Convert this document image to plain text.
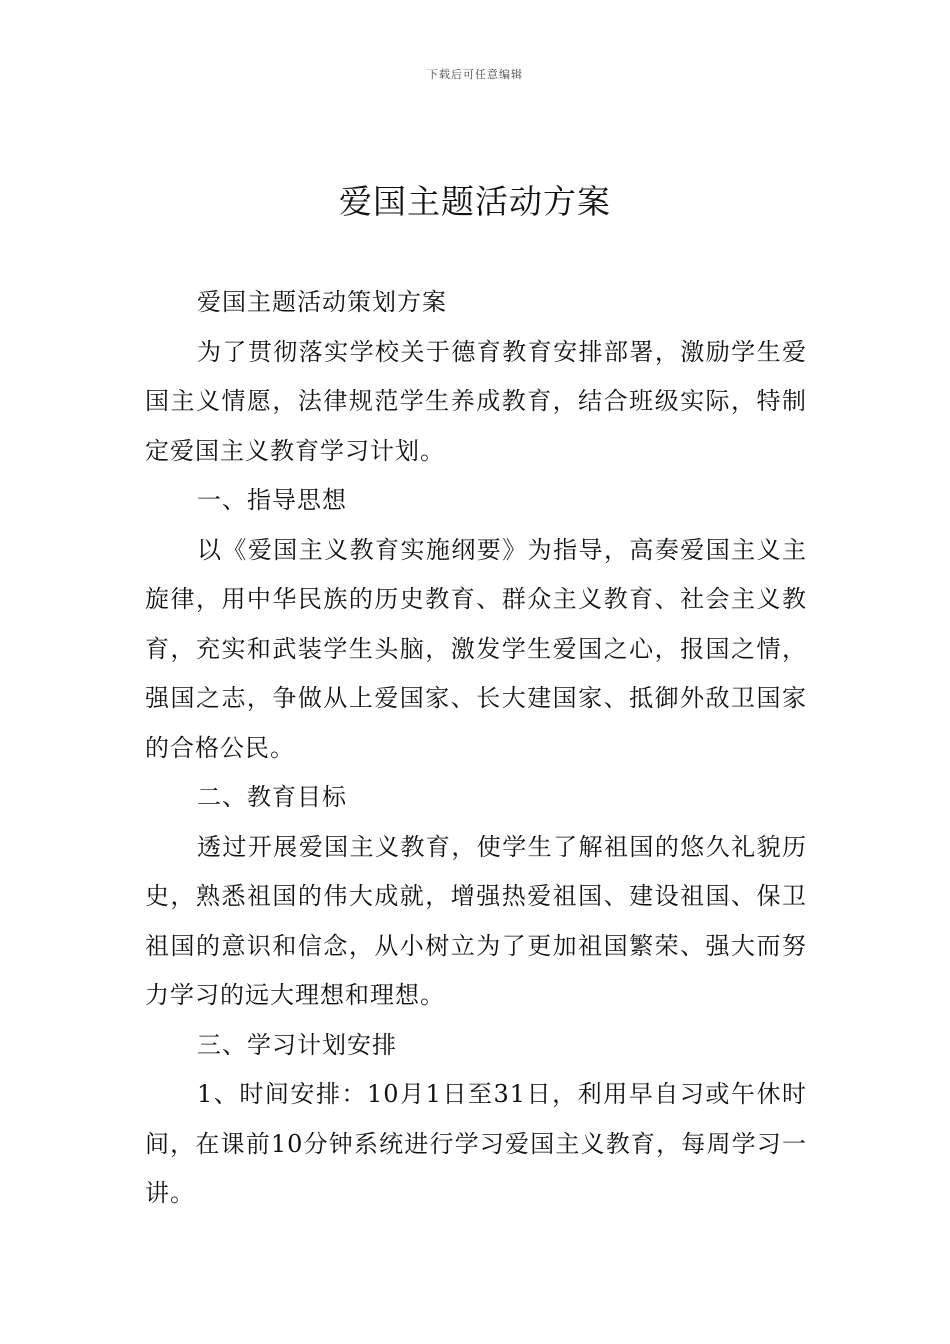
下载后可任意编辑
爱国主题活动方案

爱国主题活动策划方案

为了贯彻落实学校关于德育教育安排部署，激励学生爱国主义情愿，法律规范学生养成教育，结合班级实际，特制定爱国主义教育学习计划。

一、指导思想

以《爱国主义教育实施纲要》为指导，高奏爱国主义主旋律，用中华民族的历史教育、群众主义教育、社会主义教育，充实和武装学生头脑，激发学生爱国之心，报国之情，强国之志，争做从上爱国家、长大建国家、抵御外敌卫国家的合格公民。

二、教育目标

透过开展爱国主义教育，使学生了解祖国的悠久礼貌历史，熟悉祖国的伟大成就，增强热爱祖国、建设祖国、保卫祖国的意识和信念，从小树立为了更加祖国繁荣、强大而努力学习的远大理想和理想。

三、学习计划安排

1、时间安排：10月1日至31日，利用早自习或午休时间，在课前10分钟系统进行学习爱国主义教育，每周学习一讲。
